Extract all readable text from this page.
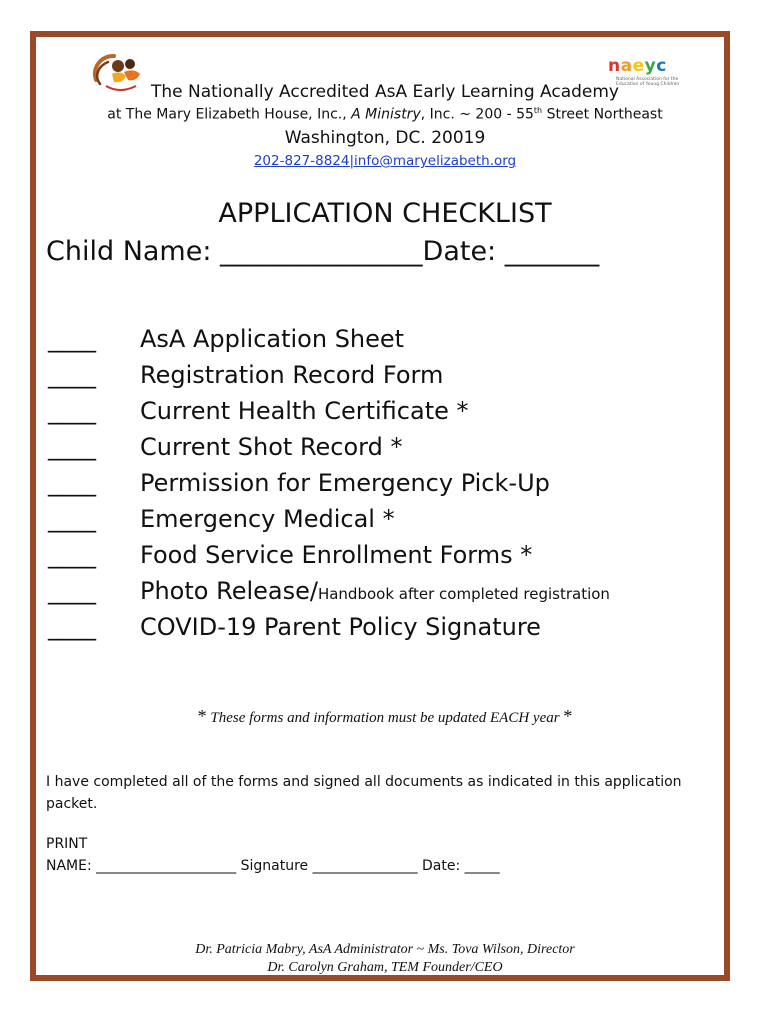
naeyc
National Association for the Education of Young Children
The Nationally Accredited AsA Early Learning Academy
at The Mary Elizabeth House, Inc., A Ministry, Inc. ~ 200 - 55th Street Northeast
Washington, DC. 20019
202-827-8824|info@maryelizabeth.org
APPLICATION CHECKLIST
Child Name: _______________Date: _______
____ AsA Application Sheet
____ Registration Record Form
____ Current Health Certificate *
____ Current Shot Record *
____ Permission for Emergency Pick-Up
____ Emergency Medical *
____ Food Service Enrollment Forms *
____ Photo Release/Handbook after completed registration
____ COVID-19 Parent Policy Signature
* These forms and information must be updated EACH year *
I have completed all of the forms and signed all documents as indicated in this application packet.
PRINT
NAME: ____________________ Signature _______________ Date: _____
Dr. Patricia Mabry, AsA Administrator ~ Ms. Tova Wilson, Director
Dr. Carolyn Graham, TEM Founder/CEO
